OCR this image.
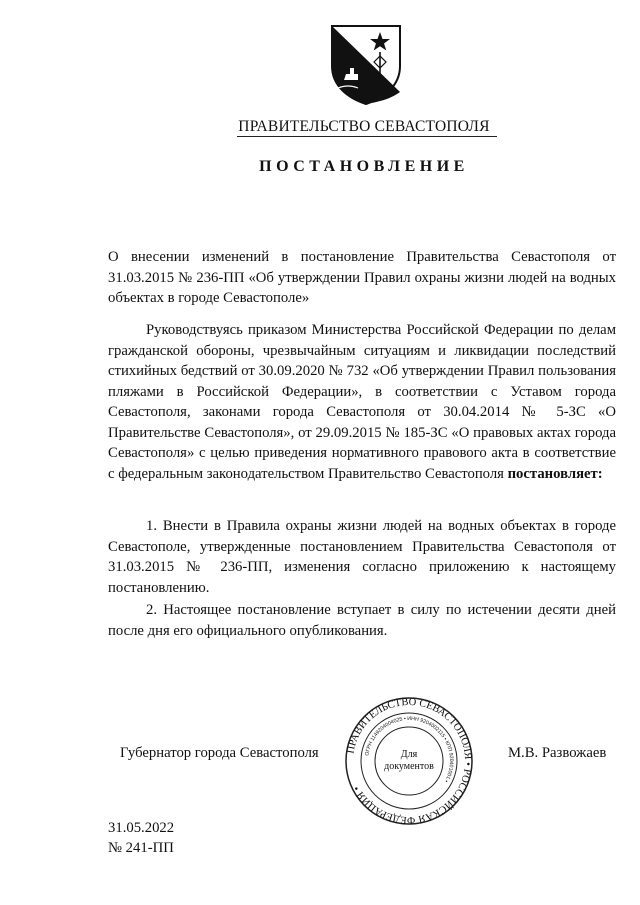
ПРАВИТЕЛЬСТВО СЕВАСТОПОЛЯ
ПОСТАНОВЛЕНИЕ
О внесении изменений в постановление Правительства Севастополя от 31.03.2015 № 236-ПП «Об утверждении Правил охраны жизни людей на водных объектах в городе Севастополе»
Руководствуясь приказом Министерства Российской Федерации по делам гражданской обороны, чрезвычайным ситуациям и ликвидации последствий стихийных бедствий от 30.09.2020 № 732 «Об утверждении Правил пользования пляжами в Российской Федерации», в соответствии с Уставом города Севастополя, законами города Севастополя от 30.04.2014 № 5-ЗС «О Правительстве Севастополя», от 29.09.2015 № 185-ЗС «О правовых актах города Севастополя» с целью приведения нормативного правового акта в соответствие с федеральным законодательством Правительство Севастополя постановляет:

1. Внести в Правила охраны жизни людей на водных объектах в городе Севастополе, утвержденные постановлением Правительства Севастополя от 31.03.2015 № 236-ПП, изменения согласно приложению к настоящему постановлению.

2. Настоящее постановление вступает в силу по истечении десяти дней после дня его официального опубликования.

Губернатор города Севастополя	ПРАВИТЕЛЬСТВО СЕВАСТОПОЛЯ • РОССИЙСКАЯ ФЕДЕРАЦИЯ •
ОГРН 1149204004025 • ИНН 9204002115 • КПП 920401001 •
Для
документов
М.В. Развожаев
31.05.2022
№ 241-ПП
